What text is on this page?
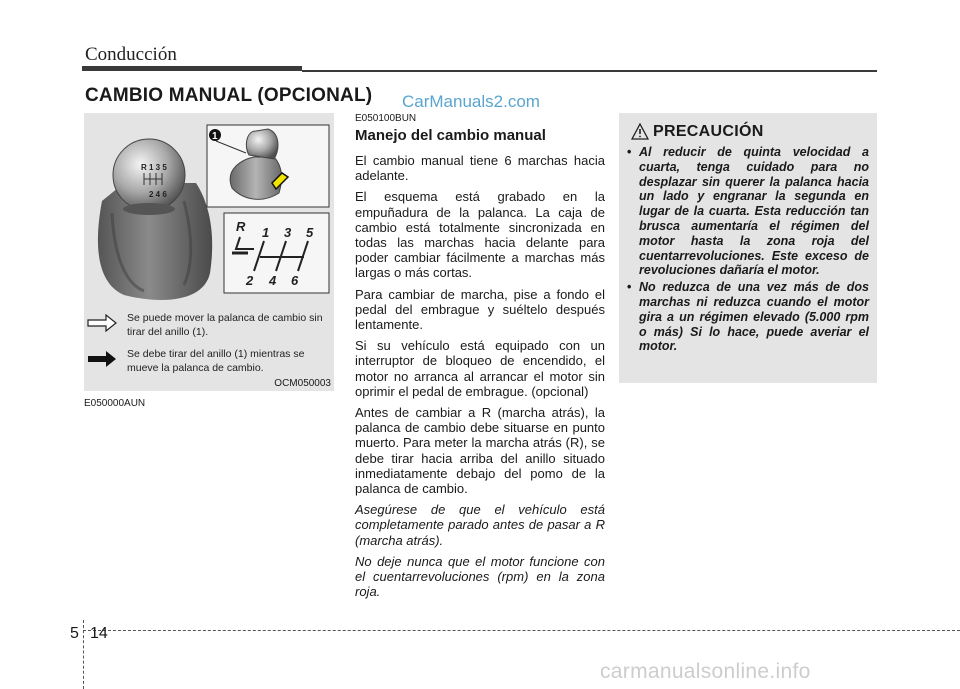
Conducción
CAMBIO MANUAL (OPCIONAL) CarManuals2.com
R 1 3 5
2 4 6
1
R 1 3 5
2 4 6
Se puede mover la palanca de cambio sin tirar del anillo (1).
Se debe tirar del anillo (1) mientras se mueve la palanca de cambio.
OCM050003
E050000AUN
E050100BUN
Manejo del cambio manual

El cambio manual tiene 6 marchas hacia adelante.

El esquema está grabado en la empuñadura de la palanca. La caja de cambio está totalmente sincronizada en todas las marchas hacia delante para poder cambiar fácilmente a marchas más largas o más cortas.

Para cambiar de marcha, pise a fondo el pedal del embrague y suéltelo después lentamente.

Si su vehículo está equipado con un interruptor de bloqueo de encendido, el motor no arranca al arrancar el motor sin oprimir el pedal de embrague. (opcional)

Antes de cambiar a R (marcha atrás), la palanca de cambio debe situarse en punto muerto. Para meter la marcha atrás (R), se debe tirar hacia arriba del anillo situado inmediatamente debajo del pomo de la palanca de cambio.

Asegúrese de que el vehículo está completamente parado antes de pasar a R (marcha atrás).

No deje nunca que el motor funcione con el cuentarrevoluciones (rpm) en la zona roja.

PRECAUCIÓN
• Al reducir de quinta velocidad a cuarta, tenga cuidado para no desplazar sin querer la palanca hacia un lado y engranar la segunda en lugar de la cuarta. Esta reducción tan brusca aumentaría el régimen del motor hasta la zona roja del cuentarrevoluciones. Este exceso de revoluciones dañaría el motor.
• No reduzca de una vez más de dos marchas ni reduzca cuando el motor gira a un régimen elevado (5.000 rpm o más) Si lo hace, puede averiar el motor.
5 14
carmanualsonline.info
